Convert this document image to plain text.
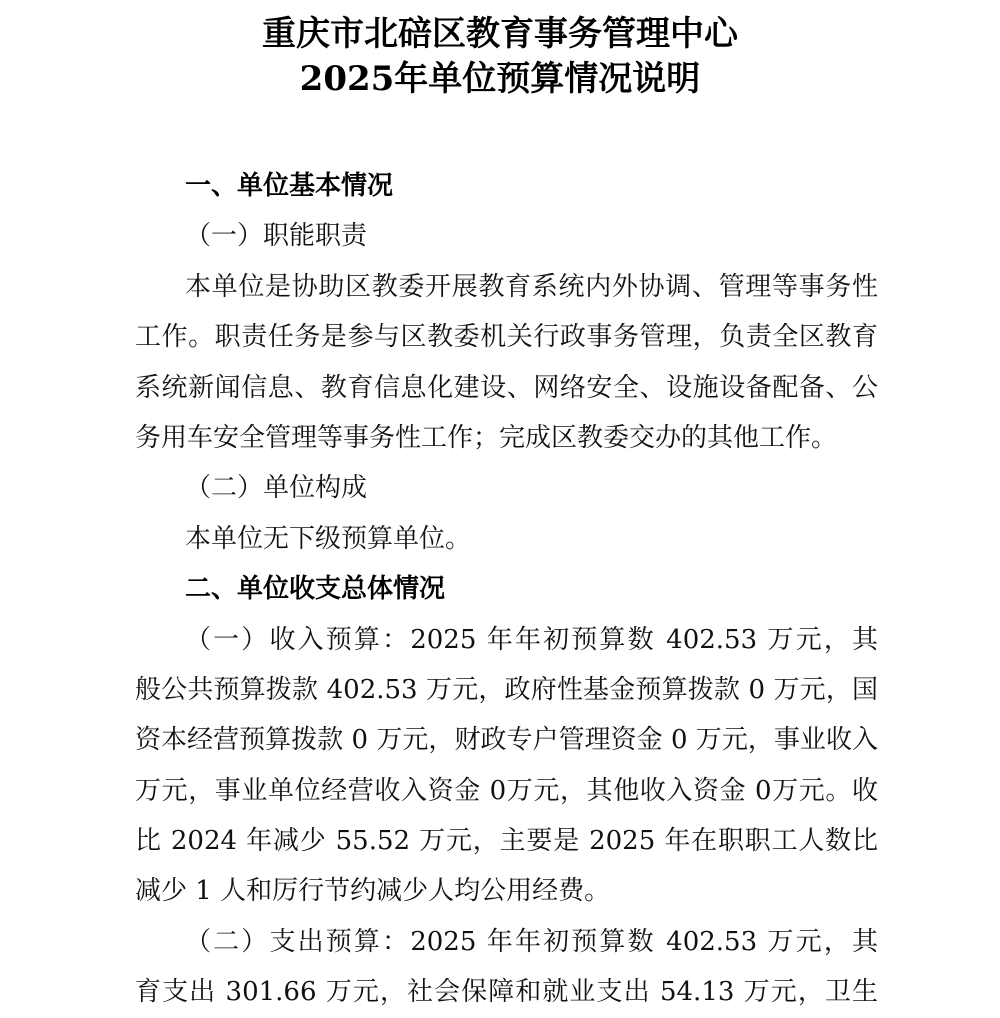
重庆市北碚区教育事务管理中心
2025年单位预算情况说明
一、单位基本情况
（一）职能职责
本单位是协助区教委开展教育系统内外协调、管理等事务性
工作。职责任务是参与区教委机关行政事务管理，负责全区教育
系统新闻信息、教育信息化建设、网络安全、设施设备配备、公
务用车安全管理等事务性工作；完成区教委交办的其他工作。
（二）单位构成
本单位无下级预算单位。
二、单位收支总体情况
（一）收入预算：2025 年年初预算数 402.53 万元，其
般公共预算拨款 402.53 万元，政府性基金预算拨款 0 万元，国
资本经营预算拨款 0 万元，财政专户管理资金 0 万元，事业收入
万元，事业单位经营收入资金 0万元，其他收入资金 0万元。收
比 2024 年减少 55.52 万元，主要是 2025 年在职职工人数比
减少 1 人和厉行节约减少人均公用经费。
（二）支出预算：2025 年年初预算数 402.53 万元，其
育支出 301.66 万元，社会保障和就业支出 54.13 万元，卫生
